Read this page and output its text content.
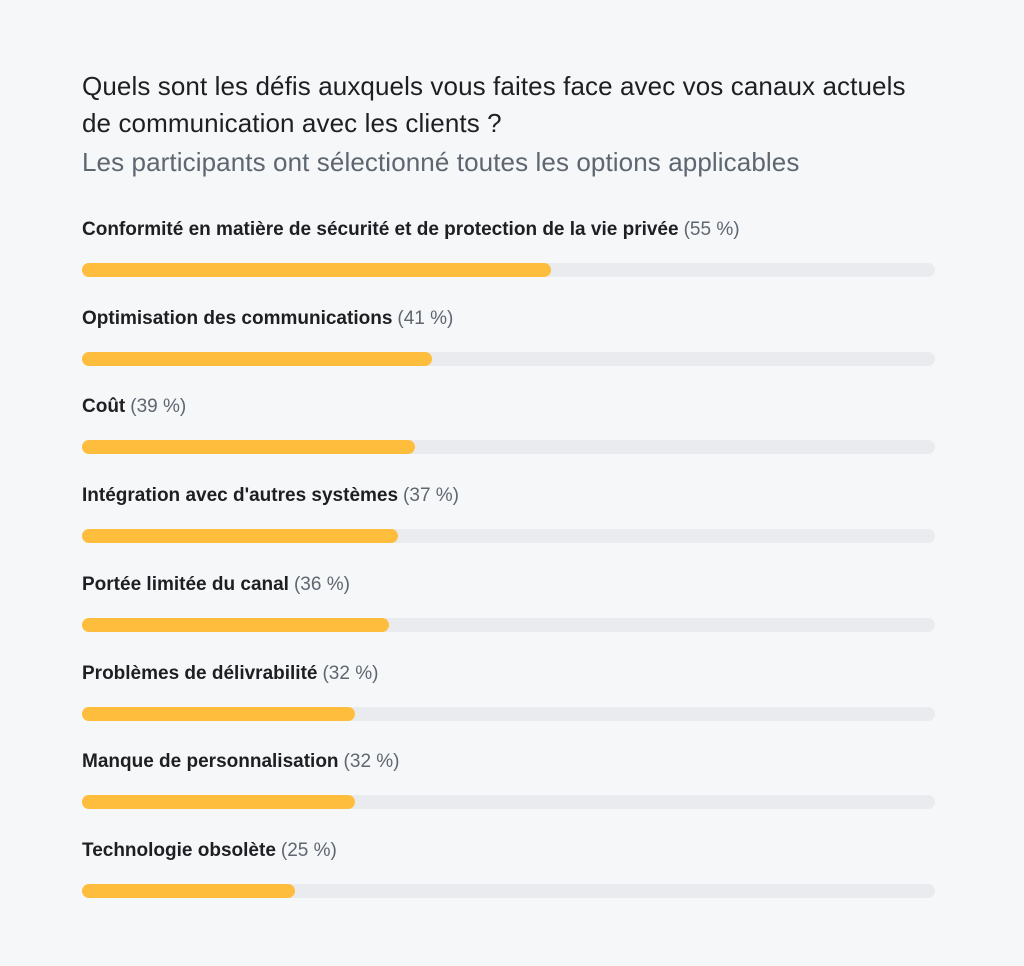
Quels sont les défis auxquels vous faites face avec vos canaux actuels de communication avec les clients ?

Les participants ont sélectionné toutes les options applicables

Conformité en matière de sécurité et de protection de la vie privée (55 %)
Optimisation des communications (41 %)
Coût (39 %)
Intégration avec d'autres systèmes (37 %)
Portée limitée du canal (36 %)
Problèmes de délivrabilité (32 %)
Manque de personnalisation (32 %)
Technologie obsolète (25 %)
